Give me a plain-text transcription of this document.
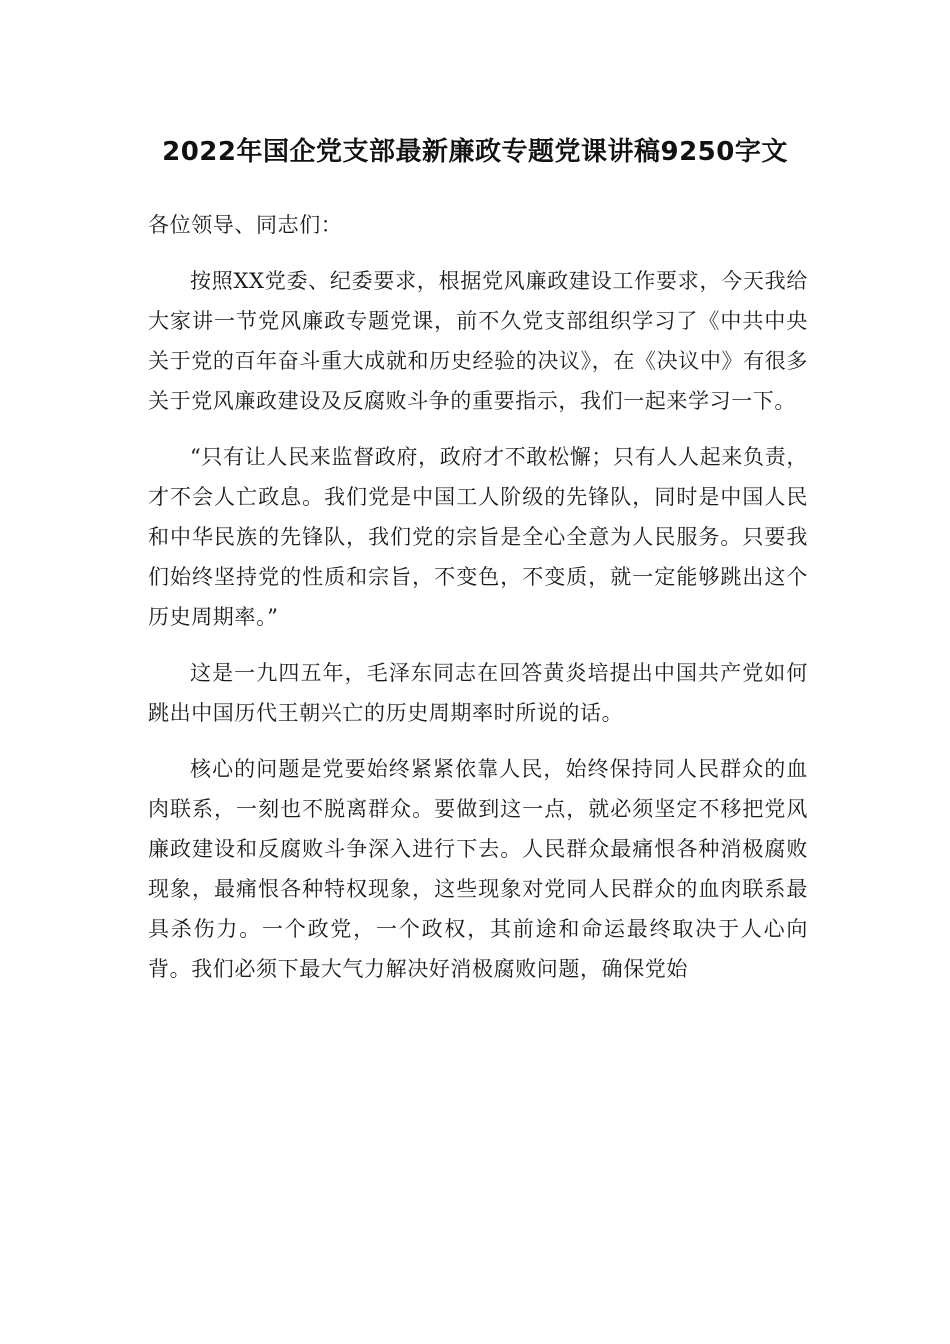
2022年国企党支部最新廉政专题党课讲稿9250字文

各位领导、同志们：

按照XX党委、纪委要求，根据党风廉政建设工作要求，今天我给大家讲一节党风廉政专题党课，前不久党支部组织学习了《中共中央关于党的百年奋斗重大成就和历史经验的决议》，在《决议中》有很多关于党风廉政建设及反腐败斗争的重要指示，我们一起来学习一下。

“只有让人民来监督政府，政府才不敢松懈；只有人人起来负责，才不会人亡政息。我们党是中国工人阶级的先锋队，同时是中国人民和中华民族的先锋队，我们党的宗旨是全心全意为人民服务。只要我们始终坚持党的性质和宗旨，不变色，不变质，就一定能够跳出这个历史周期率。”

这是一九四五年，毛泽东同志在回答黄炎培提出中国共产党如何跳出中国历代王朝兴亡的历史周期率时所说的话。

核心的问题是党要始终紧紧依靠人民，始终保持同人民群众的血肉联系，一刻也不脱离群众。要做到这一点，就必须坚定不移把党风廉政建设和反腐败斗争深入进行下去。人民群众最痛恨各种消极腐败现象，最痛恨各种特权现象，这些现象对党同人民群众的血肉联系最具杀伤力。一个政党，一个政权，其前途和命运最终取决于人心向背。我们必须下最大气力解决好消极腐败问题，确保党始
